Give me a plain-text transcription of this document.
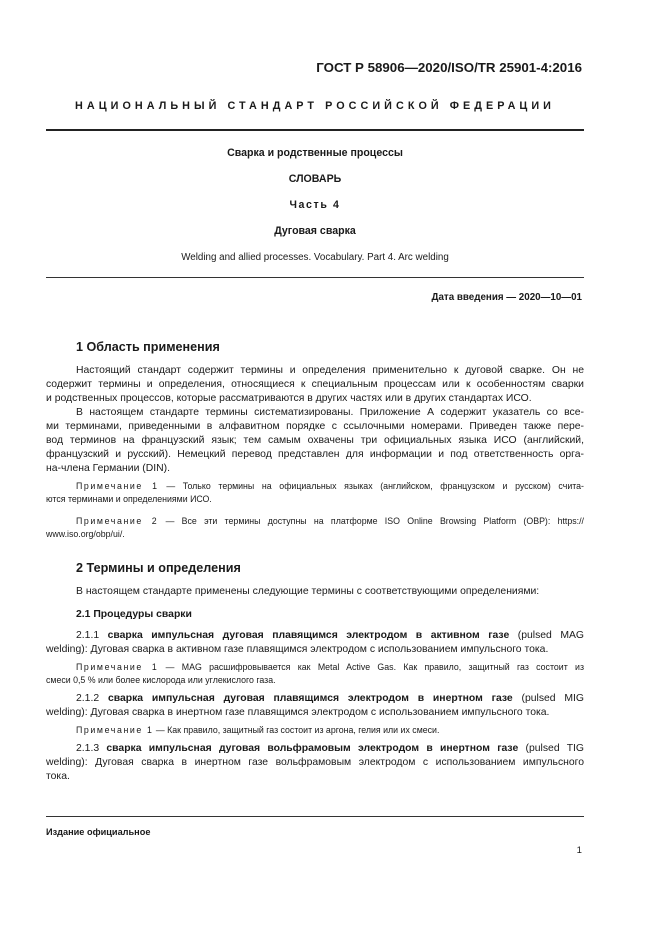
ГОСТ Р 58906—2020/ISO/TR 25901-4:2016
НАЦИОНАЛЬНЫЙ СТАНДАРТ РОССИЙСКОЙ ФЕДЕРАЦИИ
Сварка и родственные процессы
СЛОВАРЬ
Часть 4
Дуговая сварка
Welding and allied processes. Vocabulary. Part 4. Arc welding
Дата введения — 2020—10—01
1 Область применения
Настоящий стандарт содержит термины и определения применительно к дуговой сварке. Он не
содержит термины и определения, относящиеся к специальным процессам или к особенностям сварки
и родственных процессов, которые рассматриваются в других частях или в других стандартах ИСО.
В настоящем стандарте термины систематизированы. Приложение А содержит указатель со все-
ми терминами, приведенными в алфавитном порядке с ссылочными номерами. Приведен также пере-
вод терминов на французский язык; тем самым охвачены три официальных языка ИСО (английский,
французский и русский). Немецкий перевод представлен для информации и под ответственность орга-
на-члена Германии (DIN).
Примечание 1 — Только термины на официальных языках (английском, французском и русском) счита-
ются терминами и определениями ИСО.
Примечание 2 — Все эти термины доступны на платформе ISO Online Browsing Platform (OBP): https://
www.iso.org/obp/ui/.
2 Термины и определения
В настоящем стандарте применены следующие термины с соответствующими определениями:
2.1 Процедуры сварки
2.1.1 сварка импульсная дуговая плавящимся электродом в активном газе (pulsed MAG
welding): Дуговая сварка в активном газе плавящимся электродом с использованием импульсного тока.
Примечание 1 — MAG расшифровывается как Metal Active Gas. Как правило, защитный газ состоит из
смеси 0,5 % или более кислорода или углекислого газа.
2.1.2 сварка импульсная дуговая плавящимся электродом в инертном газе (pulsed MIG
welding): Дуговая сварка в инертном газе плавящимся электродом с использованием импульсного тока.
Примечание 1 — Как правило, защитный газ состоит из аргона, гелия или их смеси.
2.1.3 сварка импульсная дуговая вольфрамовым электродом в инертном газе (pulsed TIG
welding): Дуговая сварка в инертном газе вольфрамовым электродом с использованием импульсного
тока.
Издание официальное
1
